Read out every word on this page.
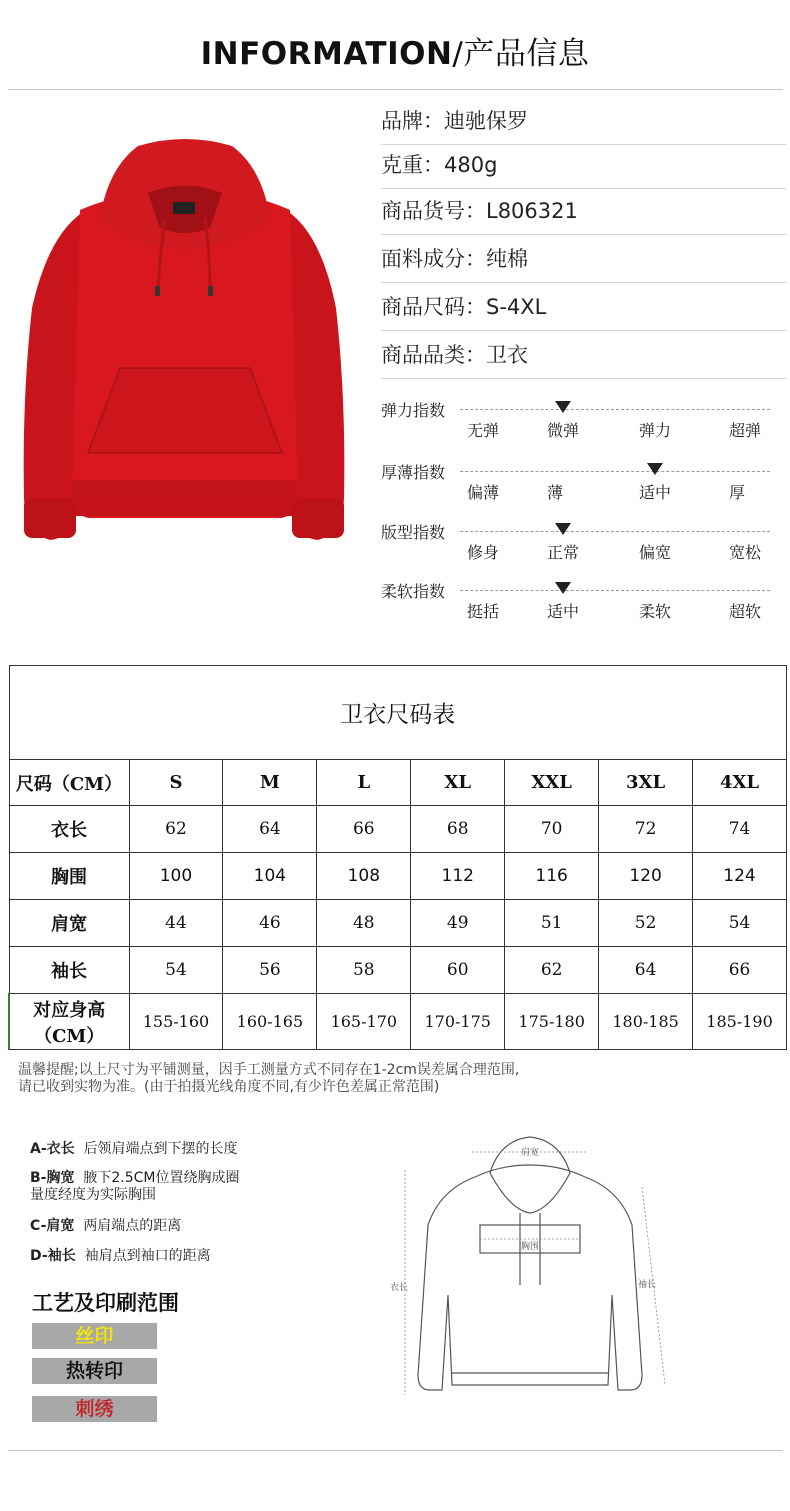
INFORMATION/产品信息
品牌：迪驰保罗
克重：480g
商品货号：L806321
面料成分：纯棉
商品尺码：S-4XL
商品品类：卫衣
弹力指数
无弹	微弹	弹力	超弹
厚薄指数
偏薄	薄	适中	厚
版型指数
修身	正常	偏宽	宽松
柔软指数
挺括	适中	柔软	超软
卫衣尺码表							
尺码（CM）	S	M	L	XL	XXL	3XL	4XL
衣长	62	64	66	68	70	72	74
胸围	100	104	108	112	116	120	124
肩宽	44	46	48	49	51	52	54
袖长	54	56	58	60	62	64	66

对应身高
（CM）	155-160	160-165	165-170	170-175	175-180	180-185	185-190
温馨提醒;以上尺寸为平铺测量，因手工测量方式不同存在1-2cm误差属合理范围,
请已收到实物为准。(由于拍摄光线角度不同,有少许色差属正常范围)
A-衣长 后领肩端点到下摆的长度
B-胸宽 腋下2.5CM位置绕胸成圈
量度经度为实际胸围
C-肩宽 两肩端点的距离
D-袖长 袖肩点到袖口的距离
肩宽
胸围
衣长	袖长
工艺及印刷范围
丝印
热转印
刺绣
